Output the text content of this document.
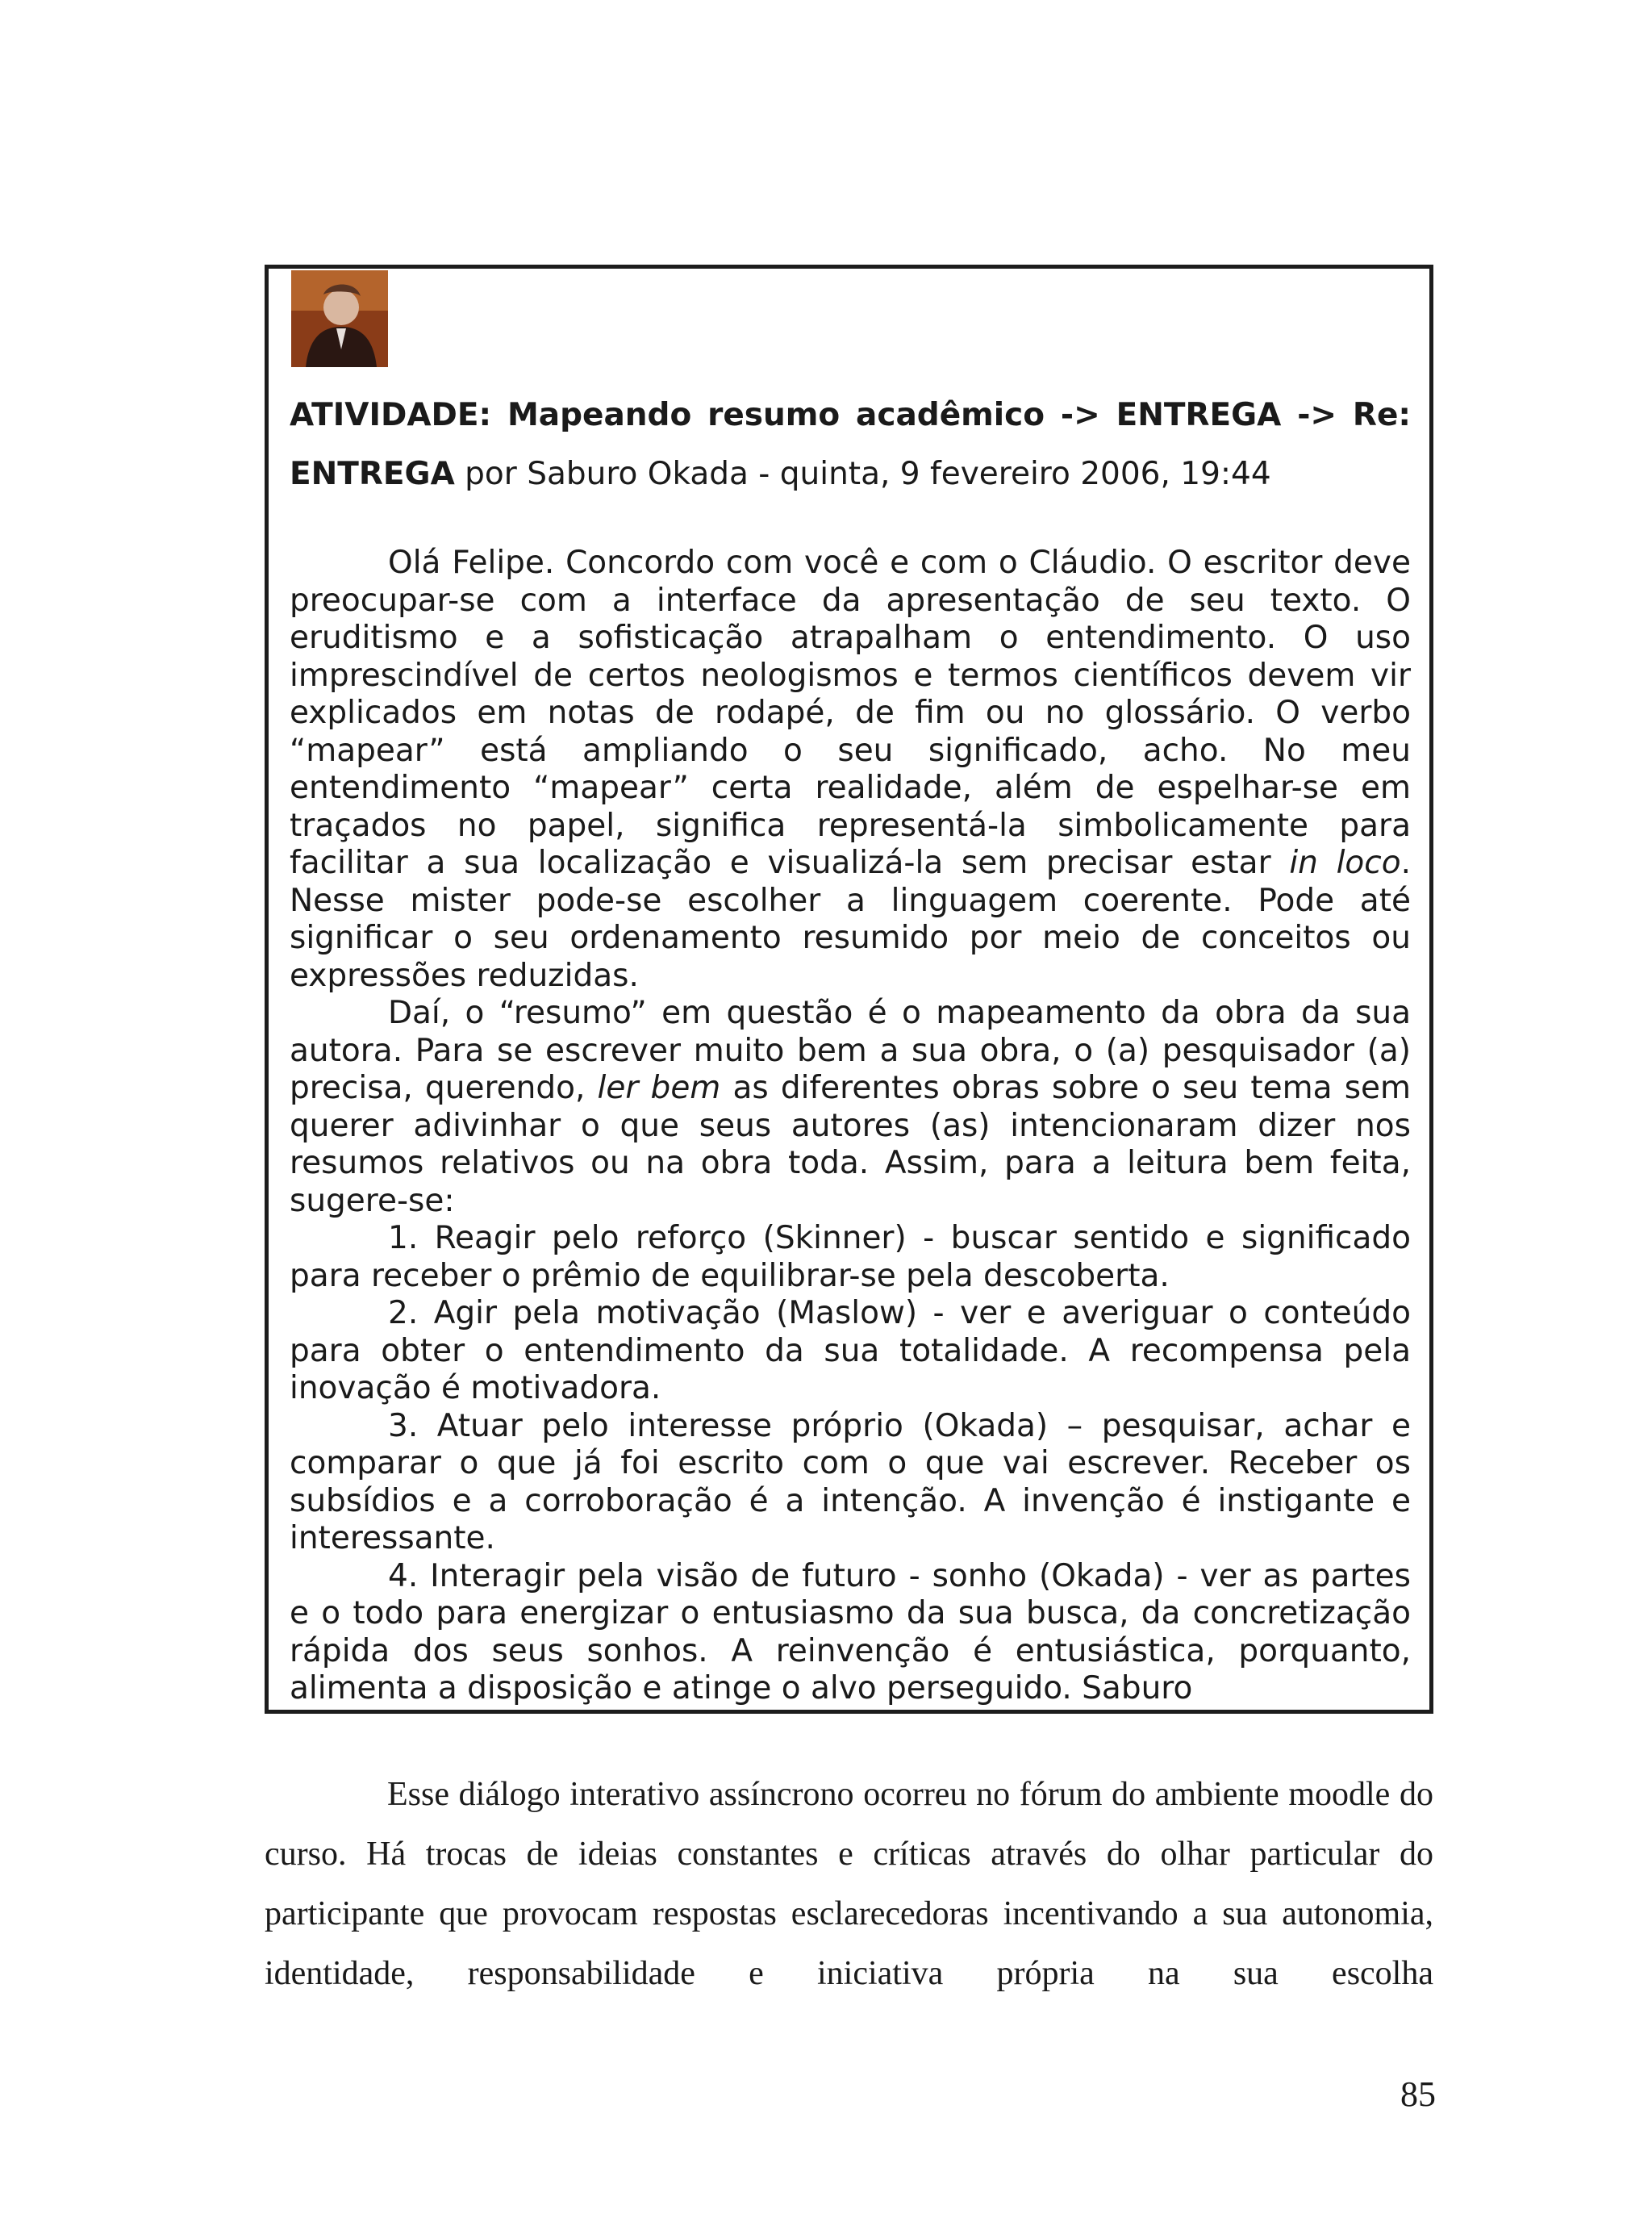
ATIVIDADE: Mapeando resumo acadêmico -> ENTREGA -> Re: ENTREGA por Saburo Okada - quinta, 9 fevereiro 2006, 19:44

Olá Felipe. Concordo com você e com o Cláudio. O escritor deve preocupar-se com a interface da apresentação de seu texto. O eruditismo e a sofisticação atrapalham o entendimento. O uso imprescindível de certos neologismos e termos científicos devem vir explicados em notas de rodapé, de fim ou no glossário. O verbo “mapear” está ampliando o seu significado, acho. No meu entendimento “mapear” certa realidade, além de espelhar-se em traçados no papel, significa representá-la simbolicamente para facilitar a sua localização e visualizá-la sem precisar estar in loco. Nesse mister pode-se escolher a linguagem coerente. Pode até significar o seu ordenamento resumido por meio de conceitos ou expressões reduzidas.

Daí, o “resumo” em questão é o mapeamento da obra da sua autora. Para se escrever muito bem a sua obra, o (a) pesquisador (a) precisa, querendo, ler bem as diferentes obras sobre o seu tema sem querer adivinhar o que seus autores (as) intencionaram dizer nos resumos relativos ou na obra toda. Assim, para a leitura bem feita, sugere-se:

1. Reagir pelo reforço (Skinner) - buscar sentido e significado para receber o prêmio de equilibrar-se pela descoberta.

2. Agir pela motivação (Maslow) - ver e averiguar o conteúdo para obter o entendimento da sua totalidade. A recompensa pela inovação é motivadora.

3. Atuar pelo interesse próprio (Okada) – pesquisar, achar e comparar o que já foi escrito com o que vai escrever. Receber os subsídios e a corroboração é a intenção. A invenção é instigante e interessante.

4. Interagir pela visão de futuro - sonho (Okada) - ver as partes e o todo para energizar o entusiasmo da sua busca, da concretização rápida dos seus sonhos. A reinvenção é entusiástica, porquanto, alimenta a disposição e atinge o alvo perseguido. Saburo

Esse diálogo interativo assíncrono ocorreu no fórum do ambiente moodle do curso. Há trocas de ideias constantes e críticas através do olhar particular do participante que provocam respostas esclarecedoras incentivando a sua autonomia, identidade, responsabilidade e iniciativa própria na sua escolha

85
